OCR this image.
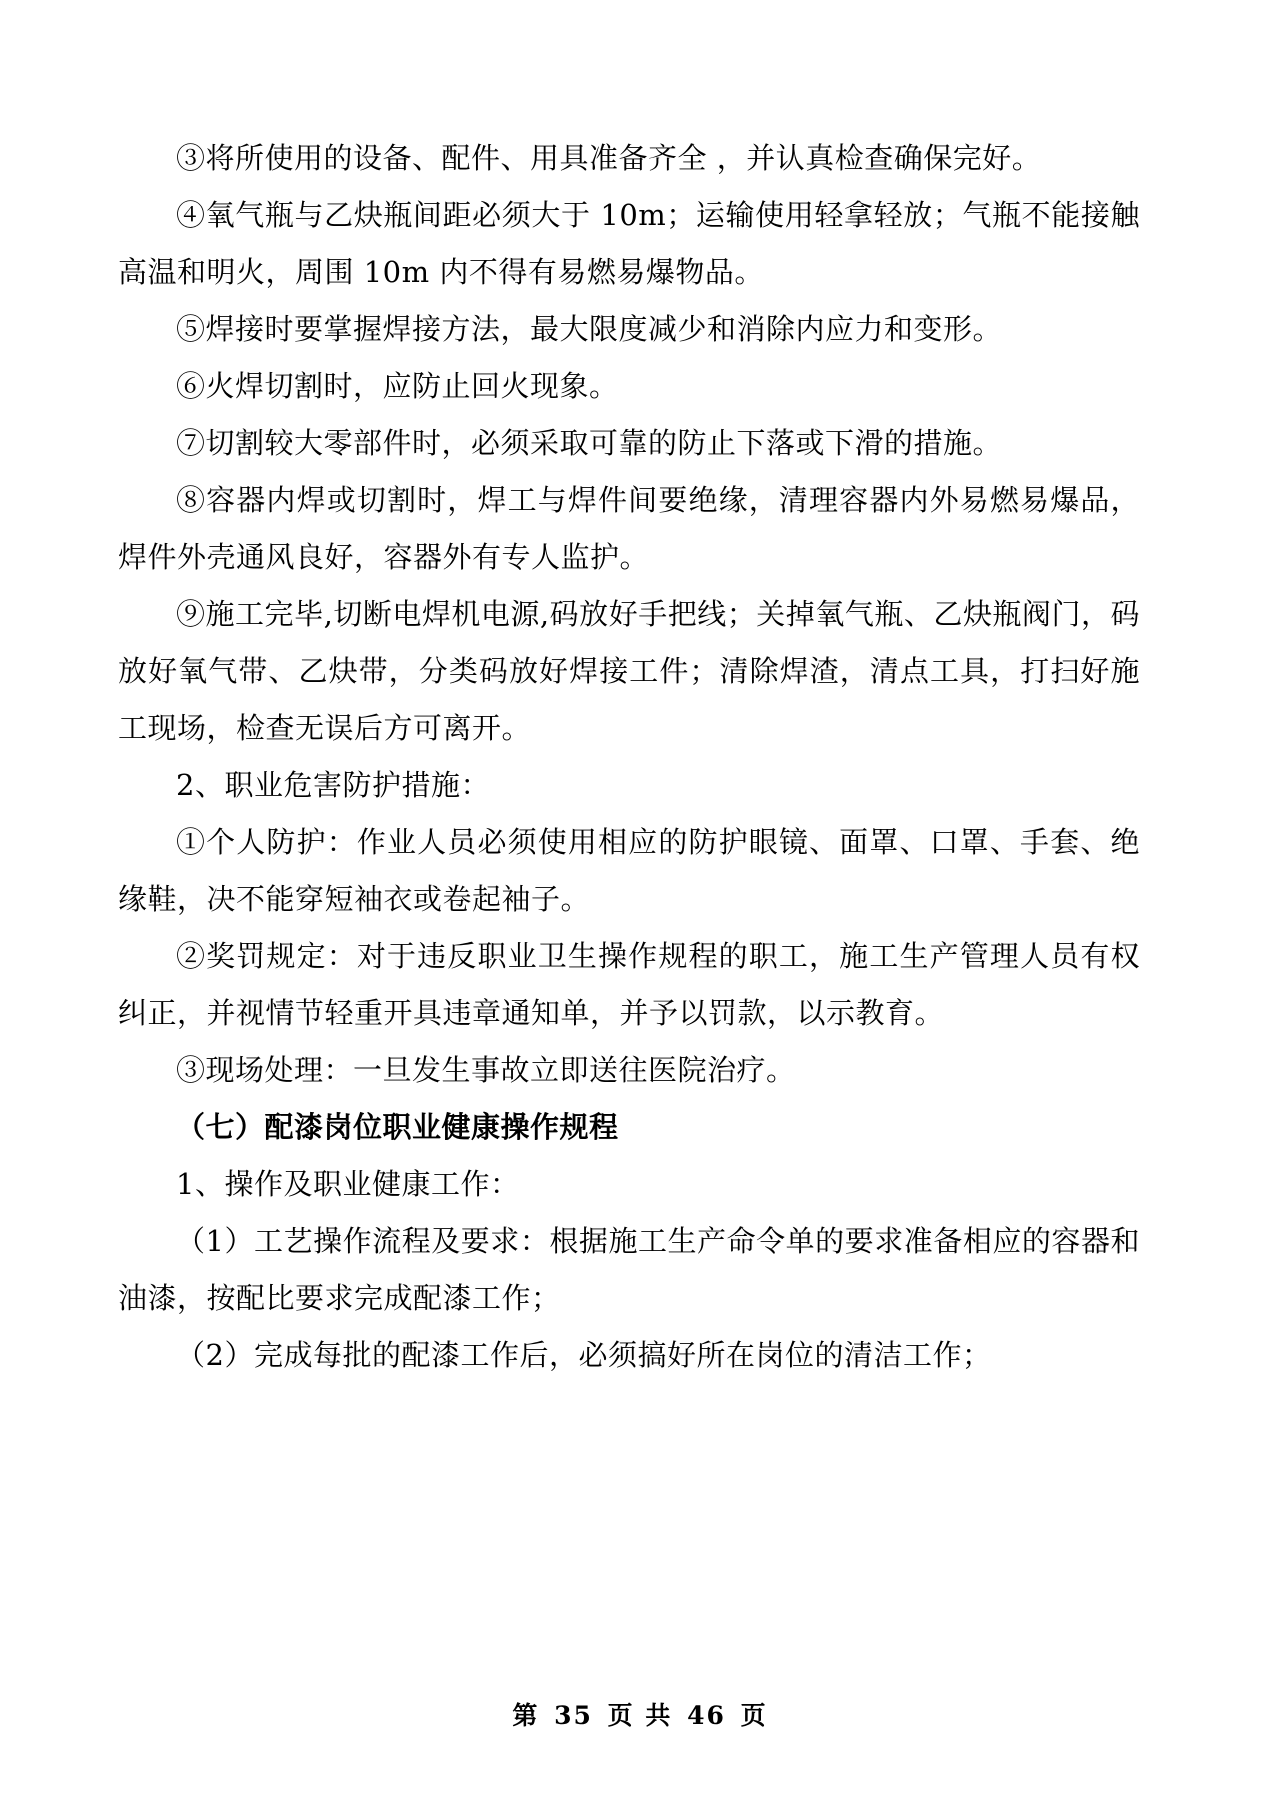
③将所使用的设备、配件、用具准备齐全 ，并认真检查确保完好。

④氧气瓶与乙炔瓶间距必须大于 10m；运输使用轻拿轻放；气瓶不能接触高温和明火，周围 10m 内不得有易燃易爆物品。

⑤焊接时要掌握焊接方法，最大限度减少和消除内应力和变形。

⑥火焊切割时，应防止回火现象。

⑦切割较大零部件时，必须采取可靠的防止下落或下滑的措施。

⑧容器内焊或切割时，焊工与焊件间要绝缘，清理容器内外易燃易爆品，焊件外壳通风良好，容器外有专人监护。

⑨施工完毕,切断电焊机电源,码放好手把线；关掉氧气瓶、乙炔瓶阀门，码放好氧气带、乙炔带，分类码放好焊接工件；清除焊渣，清点工具，打扫好施工现场，检查无误后方可离开。

2、职业危害防护措施：

①个人防护：作业人员必须使用相应的防护眼镜、面罩、口罩、手套、绝缘鞋，决不能穿短袖衣或卷起袖子。

②奖罚规定：对于违反职业卫生操作规程的职工，施工生产管理人员有权纠正，并视情节轻重开具违章通知单，并予以罚款，以示教育。

③现场处理：一旦发生事故立即送往医院治疗。

（七）配漆岗位职业健康操作规程

1、操作及职业健康工作：

（1）工艺操作流程及要求：根据施工生产命令单的要求准备相应的容器和油漆，按配比要求完成配漆工作；

（2）完成每批的配漆工作后，必须搞好所在岗位的清洁工作；

第 35 页 共 46 页
